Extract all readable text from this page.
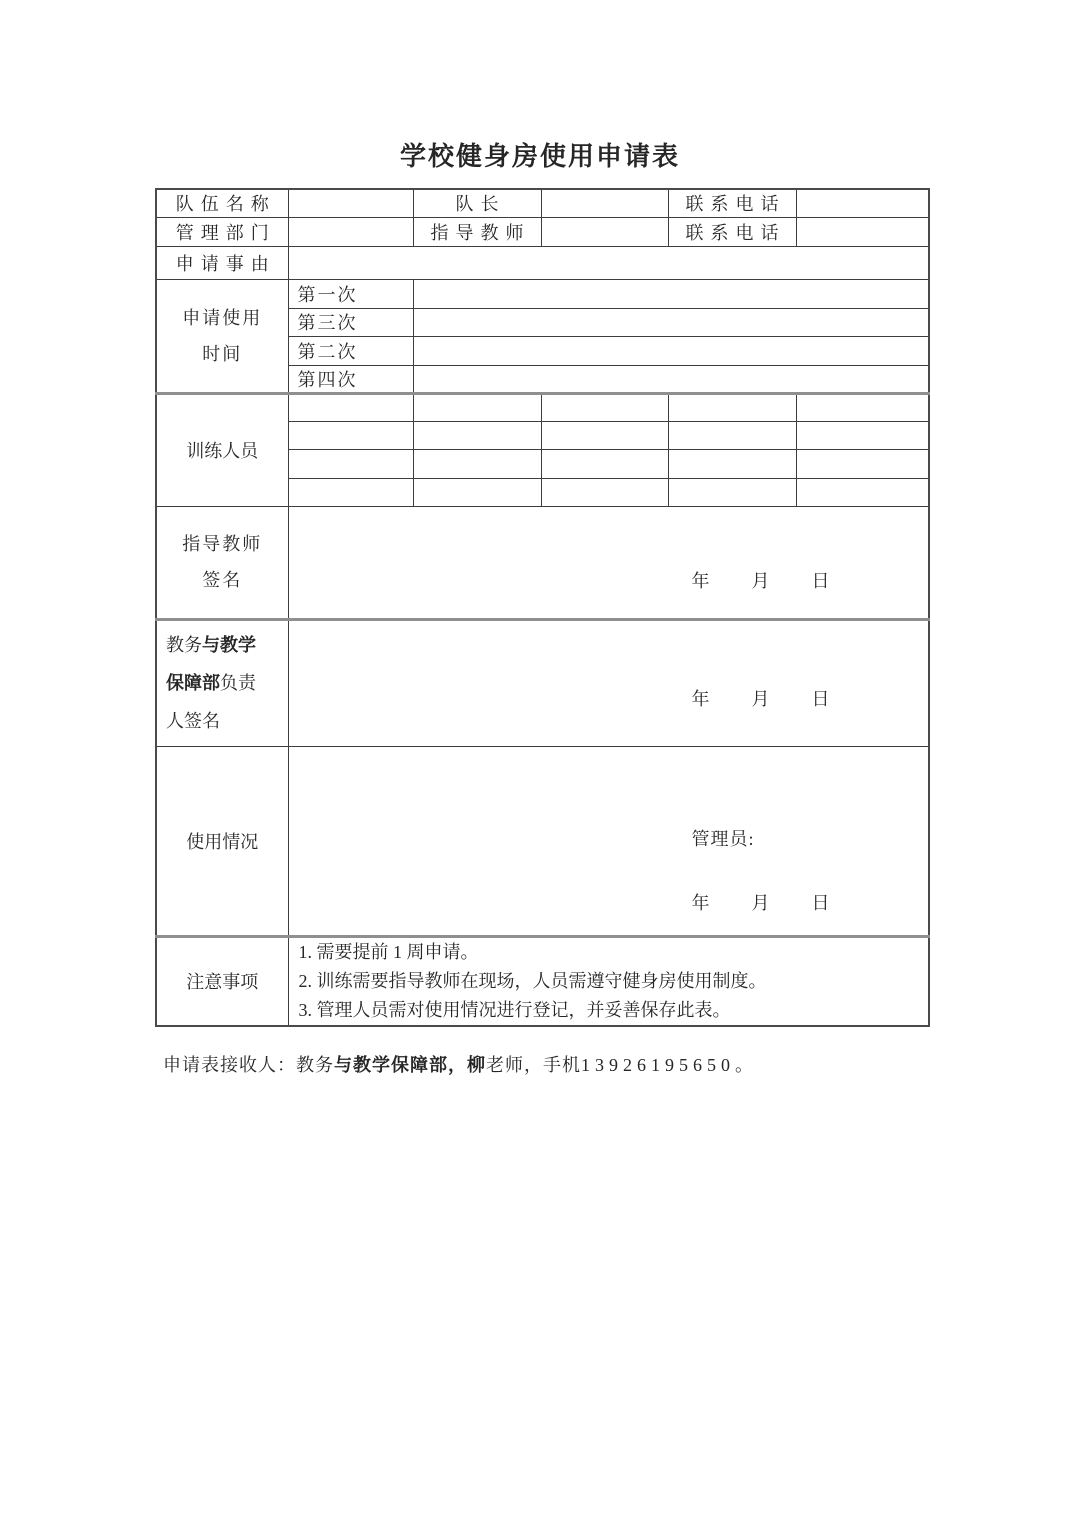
学校健身房使用申请表
队伍名称		队长		联系电话	
管理部门		指导教师		联系电话	
申请事由					

申请使用
时间	第一次				
	第三次				
	第二次				
	第四次				
训练人员					

指导教师
签名	年 月 日

教务与教学
保障部负责
人签名

年 月 日

使用情况	管理员:
年 月 日				

注意事项	1. 需要提前 1 周申请。
2. 训练需要指导教师在现场，人员需遵守健身房使用制度。
3. 管理人员需对使用情况进行登记，并妥善保存此表。				

申请表接收人：教务与教学保障部，柳老师，手机13926195650。
